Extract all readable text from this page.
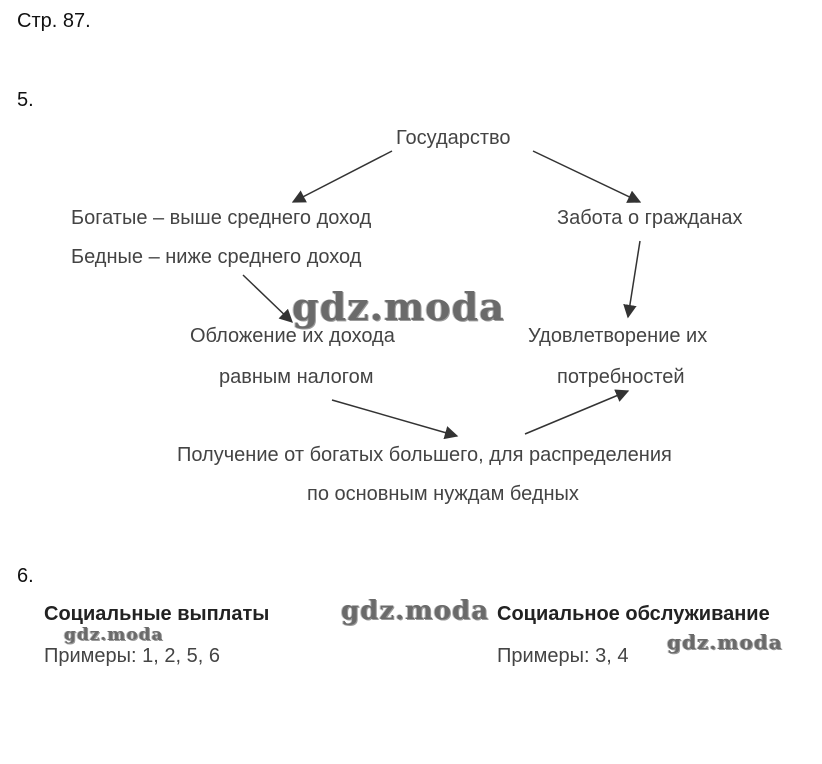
Стр. 87.
5.
Государство
Богатые – выше среднего доход
Бедные – ниже среднего доход
Забота о гражданах
Обложение их дохода
равным налогом
Удовлетворение их
потребностей
Получение от богатых большего, для распределения
по основным нуждам бедных
gdz.moda
6.
Социальные выплаты
Примеры: 1, 2, 5, 6
Социальное обслуживание
Примеры: 3, 4
gdz.moda
gdz.moda	gdz.moda
